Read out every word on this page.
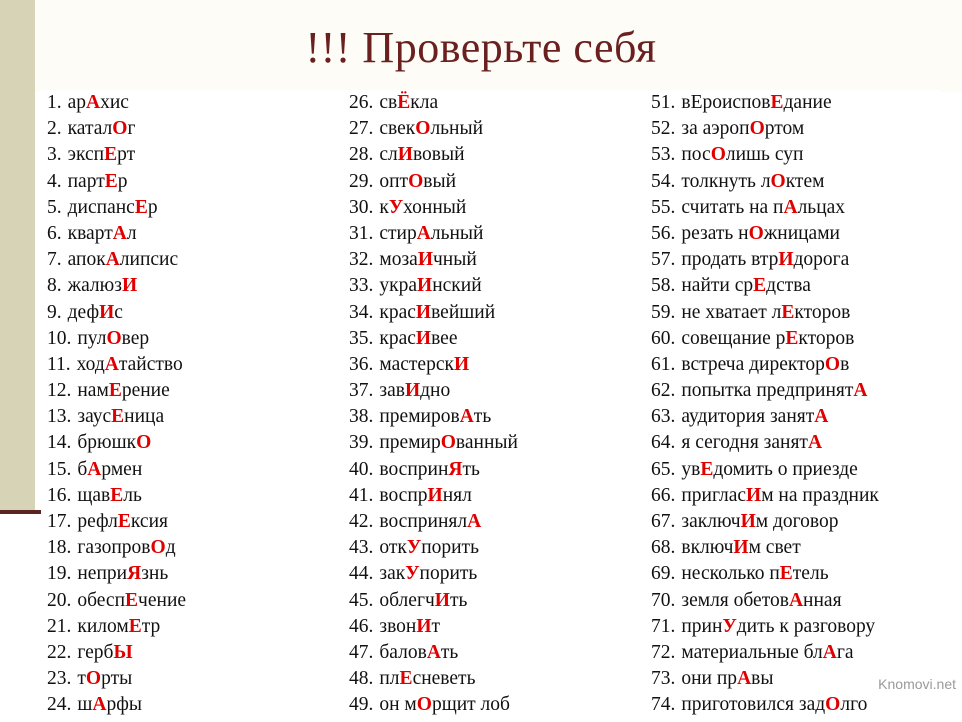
!!! Проверьте себя
1. арАхис
2. каталОг
3. экспЕрт
4. партЕр
5. диспансЕр
6. квартАл
7. апокАлипсис
8. жалюзИ
9. дефИс
10. пулОвер
11. ходАтайство
12. намЕрение
13. заусЕница
14. брюшкО
15. бАрмен
16. щавЕль
17. рефлЕксия
18. газопровОд
19. неприЯзнь
20. обеспЕчение
21. киломЕтр
22. гербЫ
23. тОрты
24. шАрфы
26. свЁкла
27. свекОльный
28. слИвовый
29. оптОвый
30. кУхонный
31. стирАльный
32. мозаИчный
33. украИнский
34. красИвейший
35. красИвее
36. мастерскИ
37. завИдно
38. премировАть
39. премирОванный
40. воспринЯть
41. воспрИнял
42. воспринялА
43. откУпорить
44. закУпорить
45. облегчИть
46. звонИт
47. баловАть
48. плЕсневеть
49. он мОрщит лоб
51. вЕроисповЕдание
52. за аэропОртом
53. посОлишь суп
54. толкнуть лОктем
55. считать на пАльцах
56. резать нОжницами
57. продать втрИдорога
58. найти срЕдства
59. не хватает лЕкторов
60. совещание рЕкторов
61. встреча директорОв
62. попытка предпринятА
63. аудитория занятА
64. я сегодня занятА
65. увЕдомить о приезде
66. пригласИм на праздник
67. заключИм договор
68. включИм свет
69. несколько пЕтель
70. земля обетовАнная
71. принУдить к разговору
72. материальные блАга
73. они прАвы
74. приготовился задОлго
Knomovi.net
